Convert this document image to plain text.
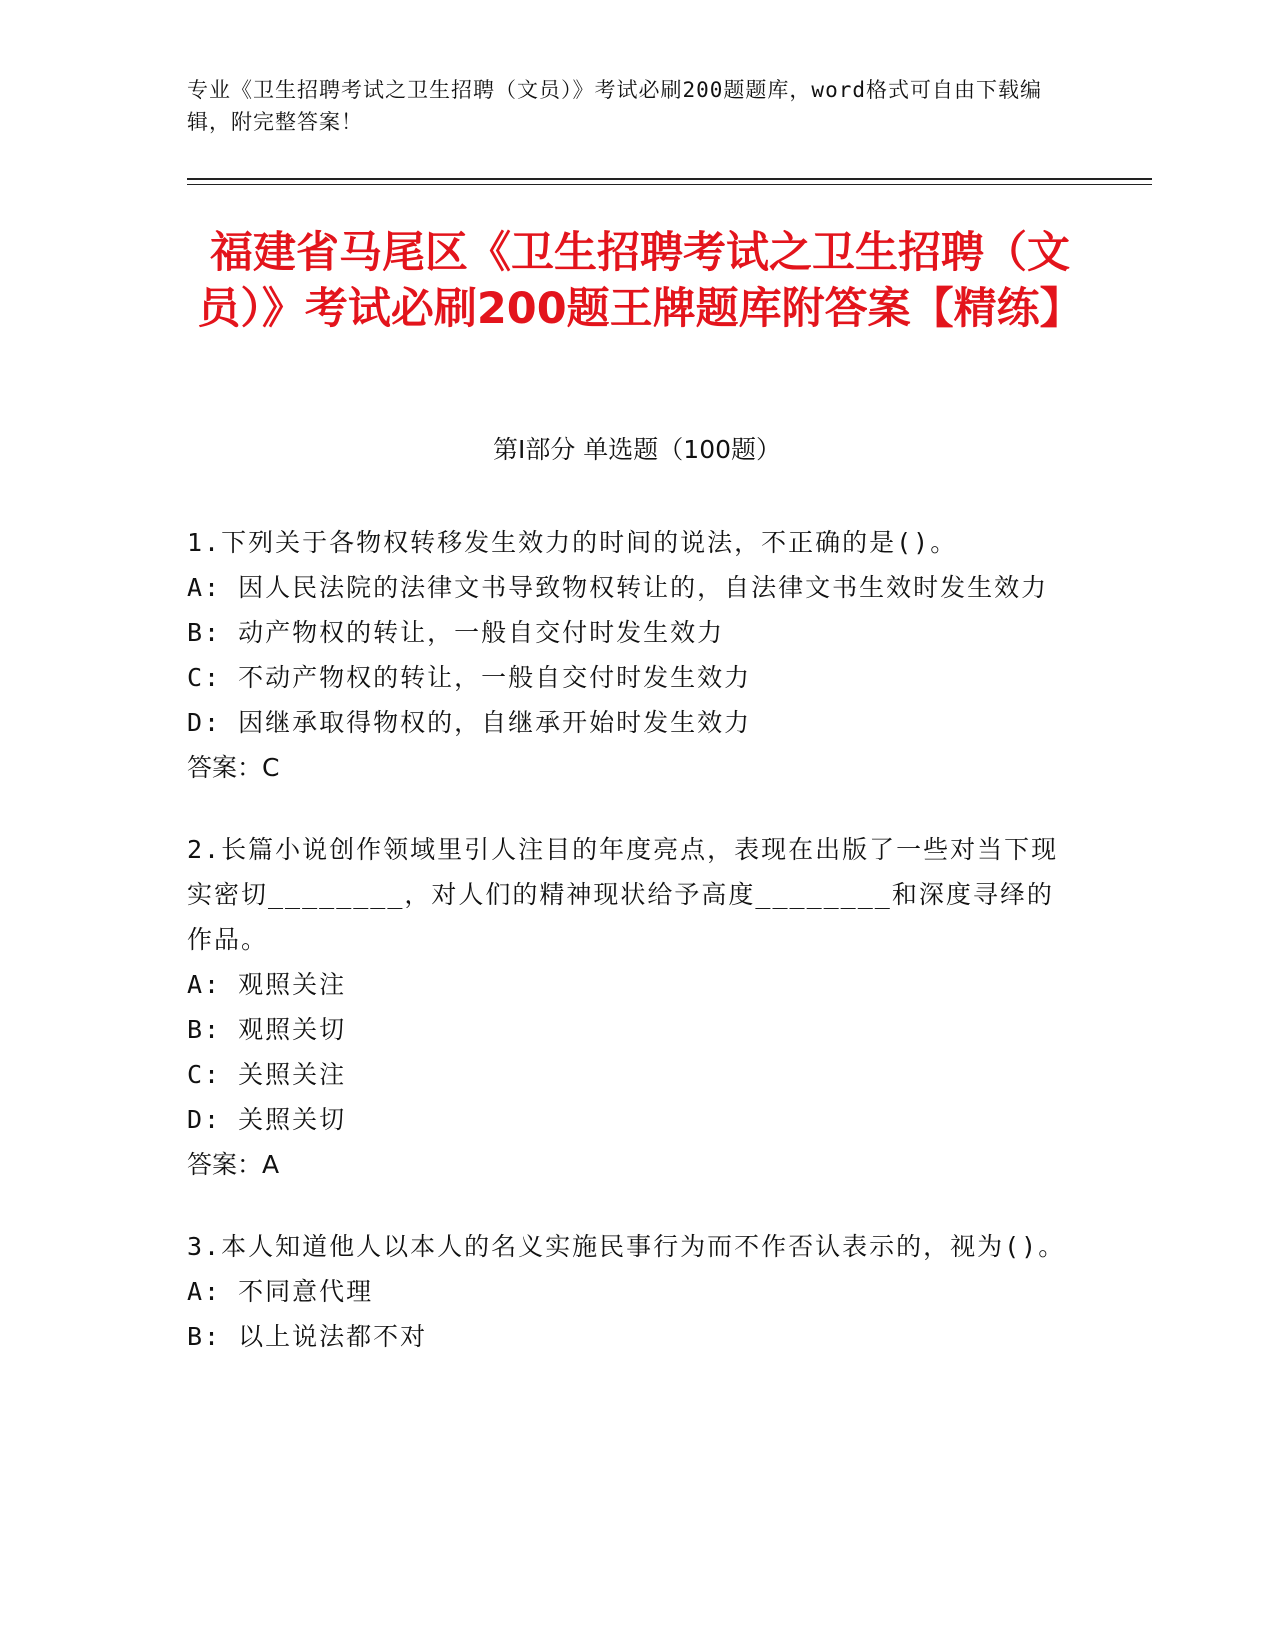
专业《卫生招聘考试之卫生招聘（文员）》考试必刷200题题库，word格式可自由下载编辑，附完整答案！
福建省马尾区《卫生招聘考试之卫生招聘（文员）》考试必刷200题王牌题库附答案【精练】
第I部分 单选题（100题）
1.下列关于各物权转移发生效力的时间的说法，不正确的是()。
A: 因人民法院的法律文书导致物权转让的，自法律文书生效时发生效力
B: 动产物权的转让，一般自交付时发生效力
C: 不动产物权的转让，一般自交付时发生效力
D: 因继承取得物权的，自继承开始时发生效力
答案：C
2.长篇小说创作领域里引人注目的年度亮点，表现在出版了一些对当下现实密切________，对人们的精神现状给予高度________和深度寻绎的作品。
A: 观照关注
B: 观照关切
C: 关照关注
D: 关照关切
答案：A
3.本人知道他人以本人的名义实施民事行为而不作否认表示的，视为()。
A: 不同意代理
B: 以上说法都不对
